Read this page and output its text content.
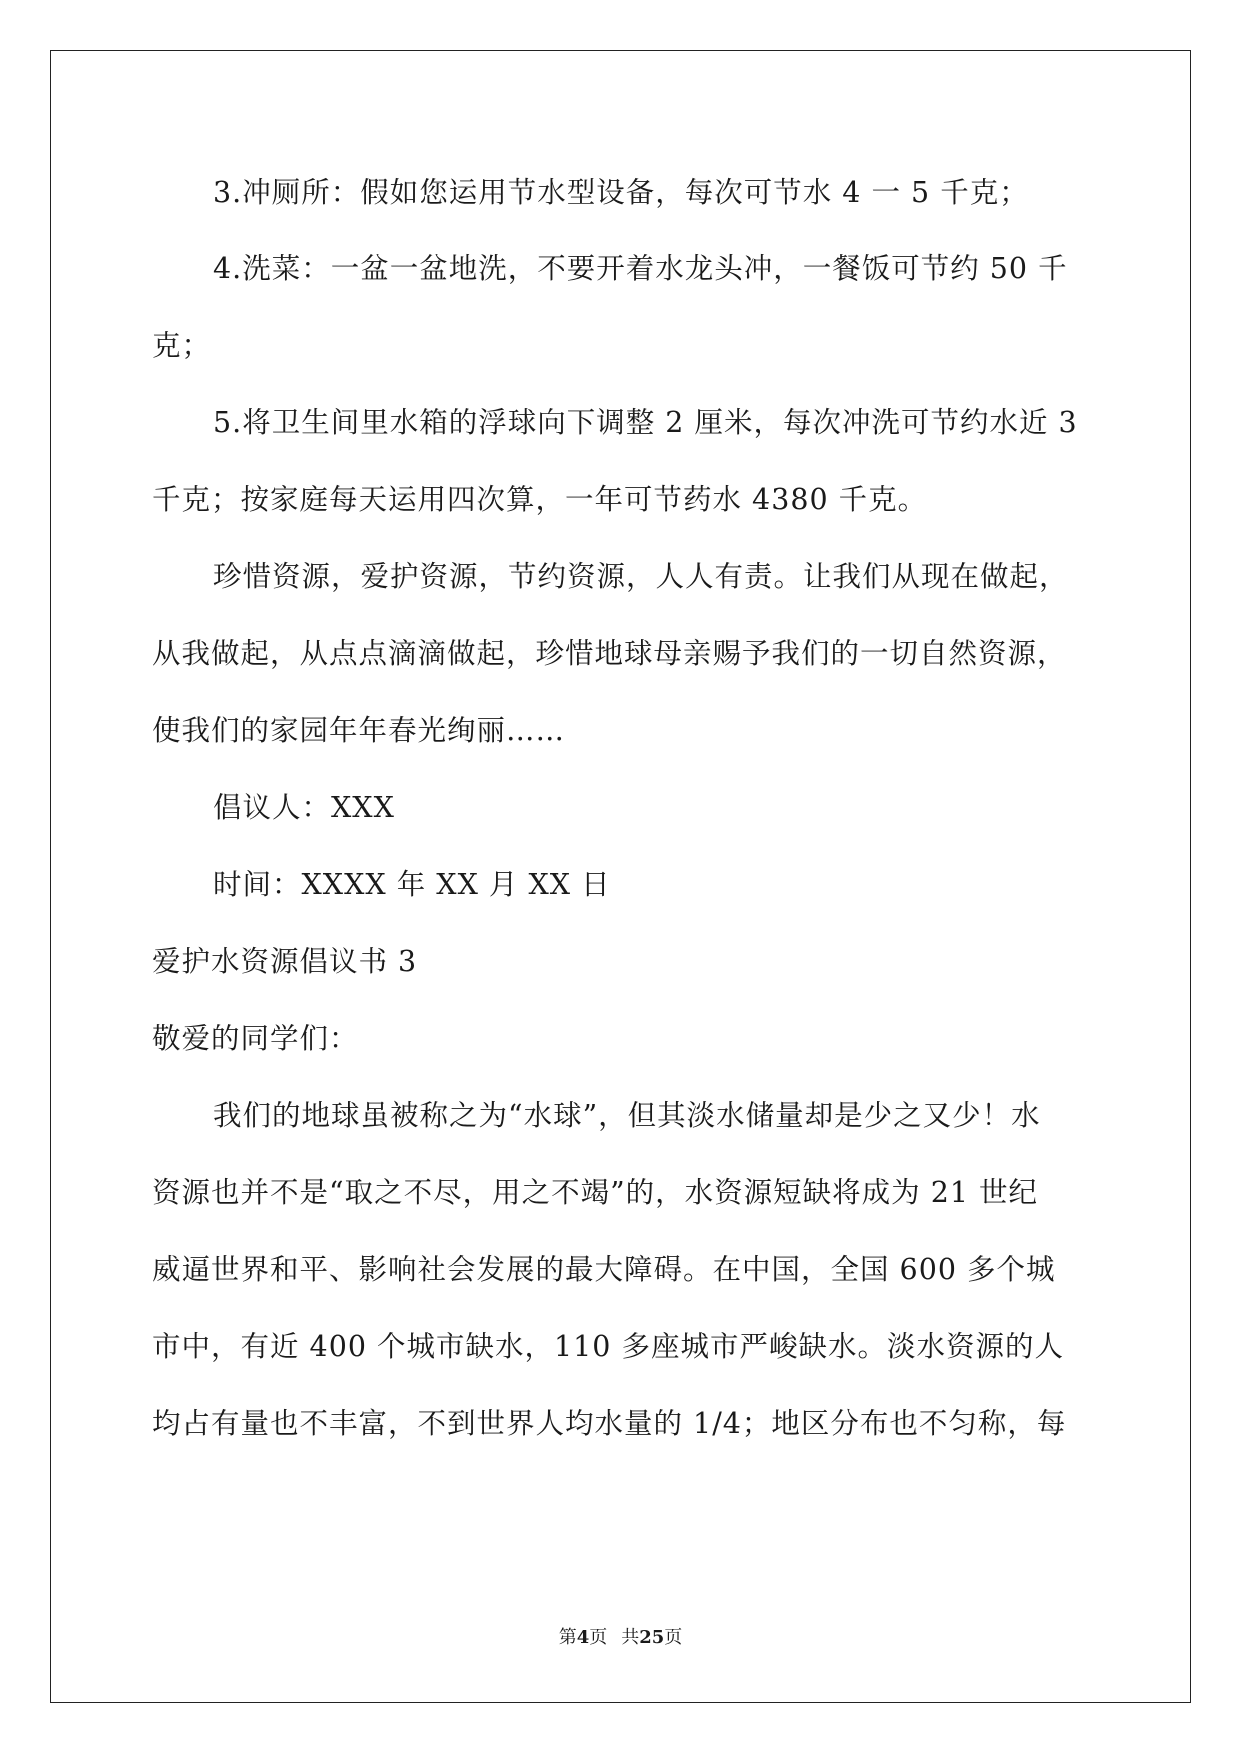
3.冲厕所：假如您运用节水型设备，每次可节水 4 一 5 千克；
4.洗菜：一盆一盆地洗，不要开着水龙头冲，一餐饭可节约 50 千
克；
5.将卫生间里水箱的浮球向下调整 2 厘米，每次冲洗可节约水近 3
千克；按家庭每天运用四次算，一年可节药水 4380 千克。
珍惜资源，爱护资源，节约资源，人人有责。让我们从现在做起，
从我做起，从点点滴滴做起，珍惜地球母亲赐予我们的一切自然资源，
使我们的家园年年春光绚丽……
倡议人：XXX
时间：XXXX 年 XX 月 XX 日
爱护水资源倡议书 3
敬爱的同学们：
我们的地球虽被称之为“水球”，但其淡水储量却是少之又少！水
资源也并不是“取之不尽，用之不竭”的，水资源短缺将成为 21 世纪
威逼世界和平、影响社会发展的最大障碍。在中国，全国 600 多个城
市中，有近 400 个城市缺水，110 多座城市严峻缺水。淡水资源的人
均占有量也不丰富，不到世界人均水量的 1/4；地区分布也不匀称，每
第4页 共25页
